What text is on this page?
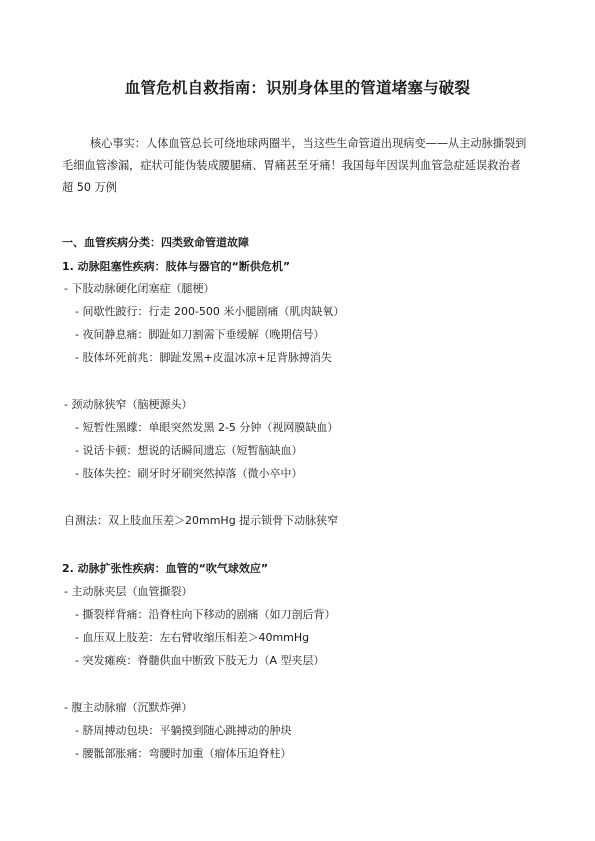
血管危机自救指南：识别身体里的管道堵塞与破裂
核心事实：人体血管总长可绕地球两圈半，当这些生命管道出现病变——从主动脉撕裂到
毛细血管渗漏，症状可能伪装成腰腿痛、胃痛甚至牙痛！我国每年因误判血管急症延误救治者
超 50 万例
一、血管疾病分类：四类致命管道故障
1. 动脉阻塞性疾病：肢体与器官的“断供危机”
- 下肢动脉硬化闭塞症（腿梗）
- 间歇性跛行：行走 200-500 米小腿剧痛（肌肉缺氧）
- 夜间静息痛：脚趾如刀割需下垂缓解（晚期信号）
- 肢体坏死前兆：脚趾发黑+皮温冰凉+足背脉搏消失
- 颈动脉狭窄（脑梗源头）
- 短暂性黑矇：单眼突然发黑 2-5 分钟（视网膜缺血）
- 说话卡顿：想说的话瞬间遗忘（短暂脑缺血）
- 肢体失控：刷牙时牙刷突然掉落（微小卒中）
自测法：双上肢血压差＞20mmHg 提示锁骨下动脉狭窄
2. 动脉扩张性疾病：血管的“吹气球效应”
- 主动脉夹层（血管撕裂）
- 撕裂样背痛：沿脊柱向下移动的剧痛（如刀剖后背）
- 血压双上肢差：左右臂收缩压相差＞40mmHg
- 突发瘫痪：脊髓供血中断致下肢无力（A 型夹层）
- 腹主动脉瘤（沉默炸弹）
- 脐周搏动包块：平躺摸到随心跳搏动的肿块
- 腰骶部胀痛：弯腰时加重（瘤体压迫脊柱）
